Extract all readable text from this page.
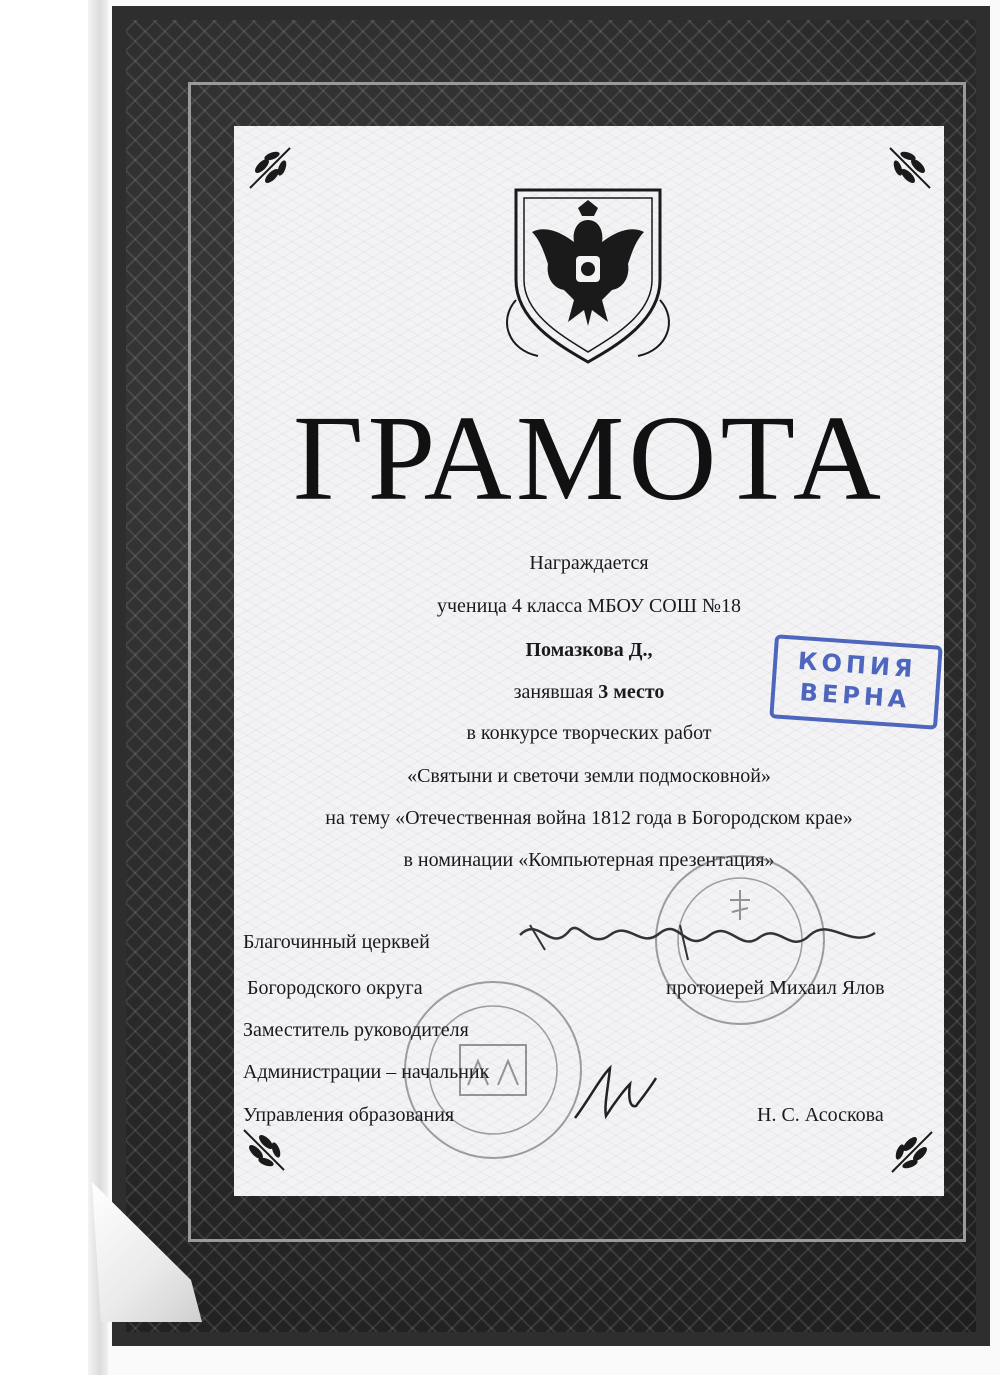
ГРАМОТА
Награждается
ученица 4 класса МБОУ СОШ №18
Помазкова Д.,
занявшая 3 место
в конкурсе творческих работ
«Святыни и светочи земли подмосковной»
на тему «Отечественная война 1812 года в Богородском крае»
в номинации «Компьютерная презентация»
КОПИЯ
ВЕРНА
Благочинный церквей
Богородского округа	протоиерей Михаил Ялов
Заместитель руководителя
Администрации – начальник
Управления образования	Н. С. Асоскова
